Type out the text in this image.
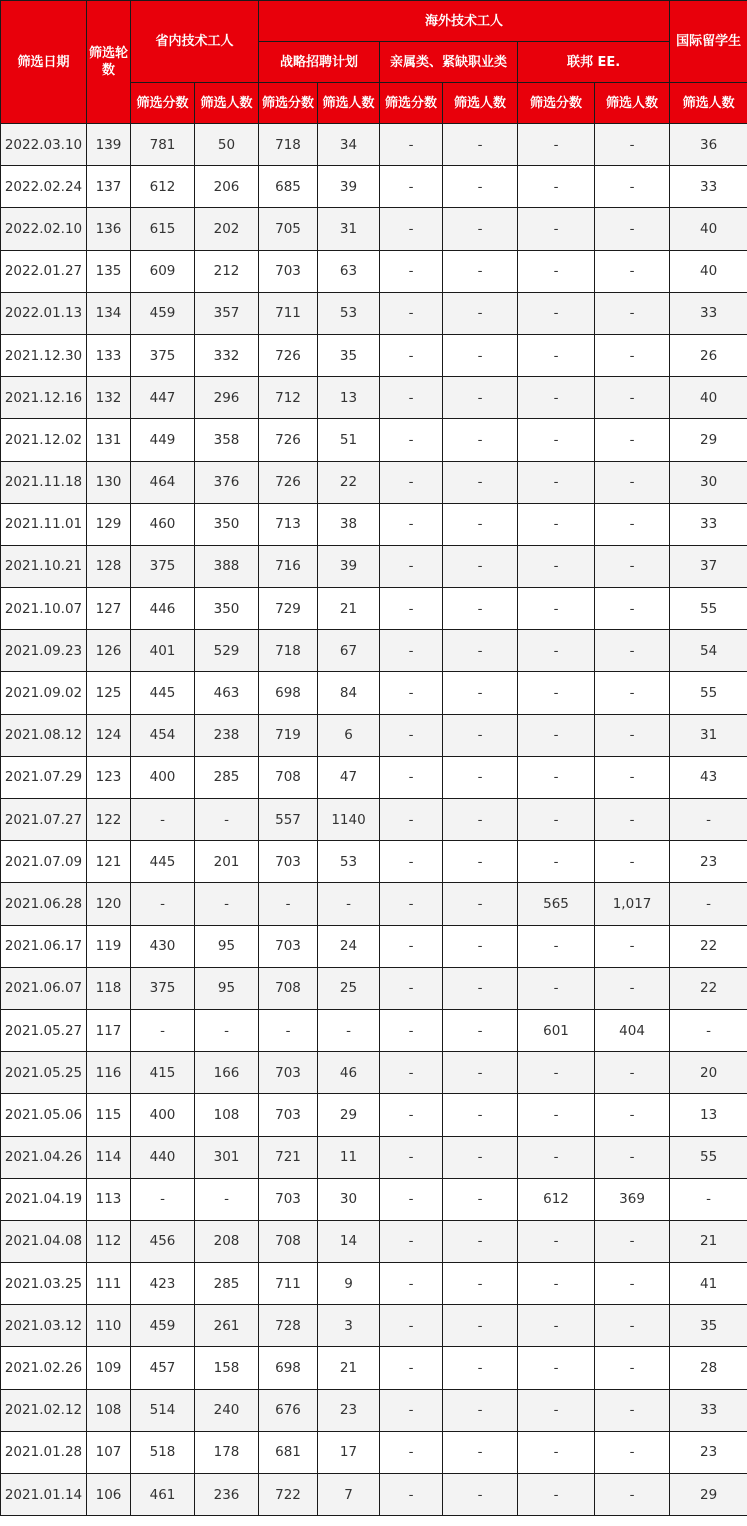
筛选日期	筛选轮数	省内技术工人		海外技术工人						国际留学生
				战略招聘计划		亲属类、紧缺职业类		联邦 EE.		
		筛选分数	筛选人数	筛选分数	筛选人数	筛选分数	筛选人数	筛选分数	筛选人数	筛选人数
2022.03.10	139	781	50	718	34	-	-	-	-	36
2022.02.24	137	612	206	685	39	-	-	-	-	33
2022.02.10	136	615	202	705	31	-	-	-	-	40
2022.01.27	135	609	212	703	63	-	-	-	-	40
2022.01.13	134	459	357	711	53	-	-	-	-	33
2021.12.30	133	375	332	726	35	-	-	-	-	26
2021.12.16	132	447	296	712	13	-	-	-	-	40
2021.12.02	131	449	358	726	51	-	-	-	-	29
2021.11.18	130	464	376	726	22	-	-	-	-	30
2021.11.01	129	460	350	713	38	-	-	-	-	33
2021.10.21	128	375	388	716	39	-	-	-	-	37
2021.10.07	127	446	350	729	21	-	-	-	-	55
2021.09.23	126	401	529	718	67	-	-	-	-	54
2021.09.02	125	445	463	698	84	-	-	-	-	55
2021.08.12	124	454	238	719	6	-	-	-	-	31
2021.07.29	123	400	285	708	47	-	-	-	-	43
2021.07.27	122	-	-	557	1140	-	-	-	-	-
2021.07.09	121	445	201	703	53	-	-	-	-	23
2021.06.28	120	-	-	-	-	-	-	565	1,017	-
2021.06.17	119	430	95	703	24	-	-	-	-	22
2021.06.07	118	375	95	708	25	-	-	-	-	22
2021.05.27	117	-	-	-	-	-	-	601	404	-
2021.05.25	116	415	166	703	46	-	-	-	-	20
2021.05.06	115	400	108	703	29	-	-	-	-	13
2021.04.26	114	440	301	721	11	-	-	-	-	55
2021.04.19	113	-	-	703	30	-	-	612	369	-
2021.04.08	112	456	208	708	14	-	-	-	-	21
2021.03.25	111	423	285	711	9	-	-	-	-	41
2021.03.12	110	459	261	728	3	-	-	-	-	35
2021.02.26	109	457	158	698	21	-	-	-	-	28
2021.02.12	108	514	240	676	23	-	-	-	-	33
2021.01.28	107	518	178	681	17	-	-	-	-	23
2021.01.14	106	461	236	722	7	-	-	-	-	29
